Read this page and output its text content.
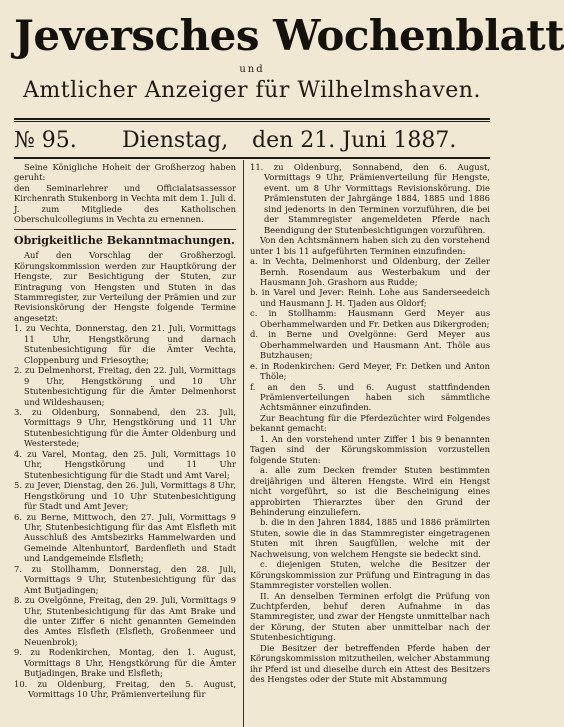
Jeversches Wochenblatt
und
Amtlicher Anzeiger für Wilhelmshaven.
№ 95. Dienstag, den 21. Juni 1887.

Seine Königliche Hoheit der Großherzog haben geruht:

den Seminarlehrer und Officialatsassessor Kirchenrath Stukenborg in Vechta mit dem 1. Juli d. J. zum Mitgliede des Katholischen Oberschulcollegiums in Vechta zu ernennen.

Obrigkeitliche Bekanntmachungen.

Auf den Vorschlag der Großherzogl. Körungskommission werden zur Hauptkörung der Hengste, zur Besichtigung der Stuten, zur Eintragung von Hengsten und Stuten in das Stammregister, zur Verteilung der Prämien und zur Revisionskörung der Hengste folgende Termine angesetzt:

1. zu Vechta, Donnerstag, den 21. Juli, Vormittags 11 Uhr, Hengstkörung und darnach Stutenbesichtigung für die Ämter Vechta, Cloppenburg und Friesoythe;

2. zu Delmenhorst, Freitag, den 22. Juli, Vormittags 9 Uhr, Hengstkörung und 10 Uhr Stutenbesichtigung für die Ämter Delmenhorst und Wildeshausen;

3. zu Oldenburg, Sonnabend, den 23. Juli, Vormittags 9 Uhr, Hengstkörung und 11 Uhr Stutenbesichtigung für die Ämter Oldenburg und Westerstede;

4. zu Varel, Montag, den 25. Juli, Vormittags 10 Uhr, Hengstkörung und 11 Uhr Stutenbesichtigung für die Stadt und Amt Varel;

5. zu Jever, Dienstag, den 26. Juli, Vormittags 8 Uhr, Hengstkörung und 10 Uhr Stutenbesichtigung für Stadt und Amt Jever;

6. zu Berne, Mittwoch, den 27. Juli, Vormittags 9 Uhr, Stutenbesichtigung für das Amt Elsfleth mit Ausschluß des Amtsbezirks Hammelwarden und Gemeinde Altenhuntorf, Bardenfleth und Stadt und Landgemeinde Elsfleth;

7. zu Stollhamm, Donnerstag, den 28. Juli, Vormittags 9 Uhr, Stutenbesichtigung für das Amt Butjadingen;

8. zu Ovelgönne, Freitag, den 29. Juli, Vormittags 9 Uhr, Stutenbesichtigung für das Amt Brake und die unter Ziffer 6 nicht genannten Gemeinden des Amtes Elsfleth (Elsfleth, Großenmeer und Neuenbrok);

9. zu Rodenkirchen, Montag, den 1. August, Vormittags 8 Uhr, Hengstkörung für die Ämter Butjadingen, Brake und Elsfleth;

10. zu Oldenburg, Freitag, den 5. August, Vormittags 10 Uhr, Prämienverteilung für

11. zu Oldenburg, Sonnabend, den 6. August, Vormittags 9 Uhr, Prämienverteilung für Hengste, event. um 8 Uhr Vormittags Revisionskörung. Die Prämienstuten der Jahrgänge 1884, 1885 und 1886 sind jedenorts in den Terminen vorzuführen, die bei der Stammregister angemeldeten Pferde nach Beendigung der Stutenbesichtigungen vorzuführen.

Von den Achtsmännern haben sich zu den vorstehend unter 1 bis 11 aufgeführten Terminen einzufinden:

a. in Vechta, Delmenhorst und Oldenburg, der Zeller Bernh. Rosendaum aus Westerbakum und der Hausmann Joh. Grashorn aus Rudde;

b. in Varel und Jever: Reinh. Lohe aus Sanderseedeich und Hausmann J. H. Tjaden aus Oldorf;

c. in Stollhamm: Hausmann Gerd Meyer aus Oberhammelwarden und Fr. Detken aus Dikergroden;

d. in Berne und Ovelgönne: Gerd Meyer aus Oberhammelwarden und Hausmann Ant. Thöle aus Butzhausen;

e. in Rodenkirchen: Gerd Meyer, Fr. Detken und Anton Thöle;

f. an den 5. und 6. August stattfindenden Prämienverteilungen haben sich sämmtliche Achtsmänner einzufinden.

Zur Beachtung für die Pferdezüchter wird Folgendes bekannt gemacht:

1. An den vorstehend unter Ziffer 1 bis 9 benannten Tagen sind der Körungskommission vorzustellen folgende Stuten:

a. alle zum Decken fremder Stuten bestimmten dreijährigen und älteren Hengste. Wird ein Hengst nicht vorgeführt, so ist die Bescheinigung eines approbirten Thierarztes über den Grund der Behinderung einzuliefern.

b. die in den Jahren 1884, 1885 und 1886 prämiirten Stuten, sowie die in das Stammregister eingetragenen Stuten mit ihren Saugfüllen, welche mit der Nachweisung, von welchem Hengste sie bedeckt sind.

c. diejenigen Stuten, welche die Besitzer der Körungskommission zur Prüfung und Eintragung in das Stammregister vorstellen wollen.

II. An denselben Terminen erfolgt die Prüfung von Zuchtpferden, behuf deren Aufnahme in das Stammregister, und zwar der Hengste unmittelbar nach der Körung, der Stuten aber unmittelbar nach der Stutenbesichtigung.

Die Besitzer der betreffenden Pferde haben der Körungskommission mitzutheilen, welcher Abstammung ihr Pferd ist und dieselbe durch ein Attest des Besitzers des Hengstes oder der Stute mit Abstammung
